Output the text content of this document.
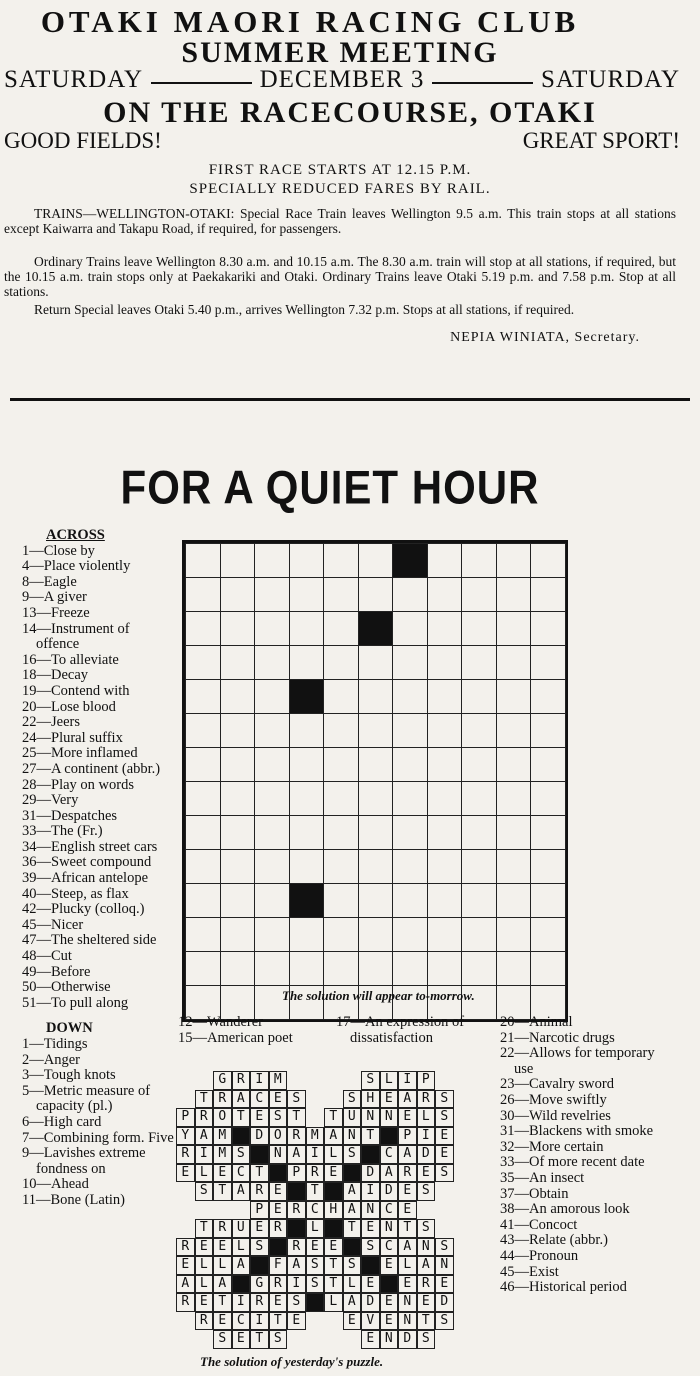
OTAKI MAORI RACING CLUB
SUMMER MEETING
SATURDAY	DECEMBER 3	SATURDAY
ON THE RACECOURSE, OTAKI
GOOD FIELDS!	GREAT SPORT!
FIRST RACE STARTS AT 12.15 P.M.
SPECIALLY REDUCED FARES BY RAIL.
TRAINS—WELLINGTON-OTAKI: Special Race Train leaves Wellington 9.5 a.m. This train stops at all stations except Kaiwarra and Takapu Road, if required, for passengers.
Ordinary Trains leave Wellington 8.30 a.m. and 10.15 a.m. The 8.30 a.m. train will stop at all stations, if required, but the 10.15 a.m. train stops only at Paekakariki and Otaki. Ordinary Trains leave Otaki 5.19 p.m. and 7.58 p.m. Stop at all stations.
Return Special leaves Otaki 5.40 p.m., arrives Wellington 7.32 p.m. Stops at all stations, if required.
NEPIA WINIATA, Secretary.
FOR A QUIET HOUR
ACROSS
1—Close by
4—Place violently
8—Eagle
9—A giver
13—Freeze
14—Instrument of offence
16—To alleviate
18—Decay
19—Contend with
20—Lose blood
22—Jeers
24—Plural suffix
25—More inflamed
27—A continent (abbr.)
28—Play on words
29—Very
31—Despatches
33—The (Fr.)
34—English street cars
36—Sweet compound
39—African antelope
40—Steep, as flax
42—Plucky (colloq.)
45—Nicer
47—The sheltered side
48—Cut
49—Before
50—Otherwise
51—To pull along
DOWN
1—Tidings
2—Anger
3—Tough knots
5—Metric measure of capacity (pl.)
6—High card
7—Combining form. Five
9—Lavishes extreme fondness on
10—Ahead
11—Bone (Latin)
The solution will appear to-morrow.
12—Wanderer
15—American poet
17—An expression of dissatisfaction
20—Animal
21—Narcotic drugs
22—Allows for temporary use
23—Cavalry sword
26—Move swiftly
30—Wild revelries
31—Blackens with smoke
32—More certain
33—Of more recent date
35—An insect
37—Obtain
38—An amorous look
41—Concoct
43—Relate (abbr.)
44—Pronoun
45—Exist
46—Historical period
G R I M	S L I P
T R A C E S	S H E A R S
P R O T E S T	T U N N E L S
Y A M	D O R M A N T	P I E
R I M S	N A I L S	C A D E
E L E C T	P R E	D A R E S
S T A R E	T	A I D E S
P E R C H A N C E
T R U E R	L	T E N T S
R E E L S	R E E	S C A N S
E L L A	F A S T S	E L A N
A L A	G R I S T L E	E R E
R E T I R E S	L A D E N E D
R E C I T E	E V E N T S
S E T S	E N D S
The solution of yesterday's puzzle.
